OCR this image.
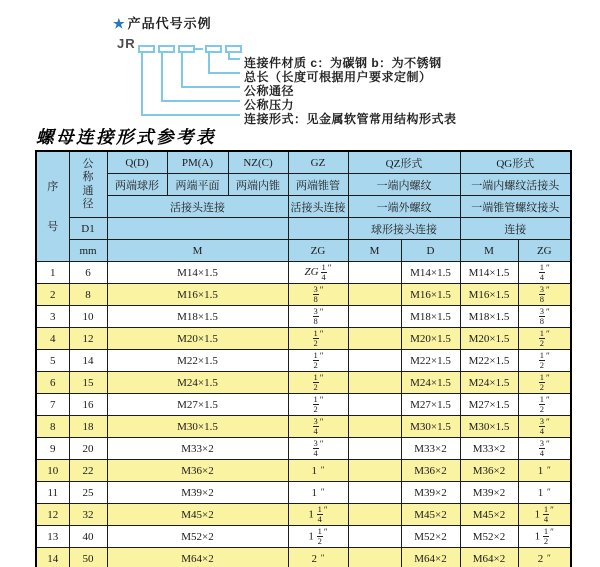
★ 产品代号示例
JR
连接件材质 c：为碳钢 b：为不锈钢
总长（长度可根据用户要求定制）
公称通径
公称压力
连接形式：见金属软管常用结构形式表
螺母连接形式参考表
序号	公称通径	Q(D)	PM(A)	NZ(C)	GZ	QZ形式		QG形式	
		两端球形	两端平面	两端内锥	两端锥管	一端内螺纹		一端内螺纹活接头	
		活接头连接			活接头连接	一端外螺纹		一端锥管螺纹接头	
	D1					球形接头连接		连接	
	mm	M			ZG	M	D	M	ZG
1	6	M14×1.5			ZG $\frac{1}{4} ''$		M14×1.5	M14×1.5	$\frac{1}{4} ''$
2	8	M16×1.5			$\frac{3}{8} ''$		M16×1.5	M16×1.5	$\frac{3}{8} ''$
3	10	M18×1.5			$\frac{3}{8} ''$		M18×1.5	M18×1.5	$\frac{3}{8} ''$
4	12	M20×1.5			$\frac{1}{2} ''$		M20×1.5	M20×1.5	$\frac{1}{2} ''$
5	14	M22×1.5			$\frac{1}{2} ''$		M22×1.5	M22×1.5	$\frac{1}{2} ''$
6	15	M24×1.5			$\frac{1}{2} ''$		M24×1.5	M24×1.5	$\frac{1}{2} ''$
7	16	M27×1.5			$\frac{1}{2} ''$		M27×1.5	M27×1.5	$\frac{1}{2} ''$
8	18	M30×1.5			$\frac{3}{4} ''$		M30×1.5	M30×1.5	$\frac{3}{4} ''$
9	20	M33×2			$\frac{3}{4} ''$		M33×2	M33×2	$\frac{3}{4} ''$
10	22	M36×2			1 ″		M36×2	M36×2	1 ″
11	25	M39×2			1 ″		M39×2	M39×2	1 ″
12	32	M45×2			$1 \frac{1}{4} ''$		M45×2	M45×2	$1 \frac{1}{4} ''$
13	40	M52×2			$1 \frac{1}{2} ''$		M52×2	M52×2	$1 \frac{1}{2} ''$
14	50	M64×2			2 ″		M64×2	M64×2	2 ″
